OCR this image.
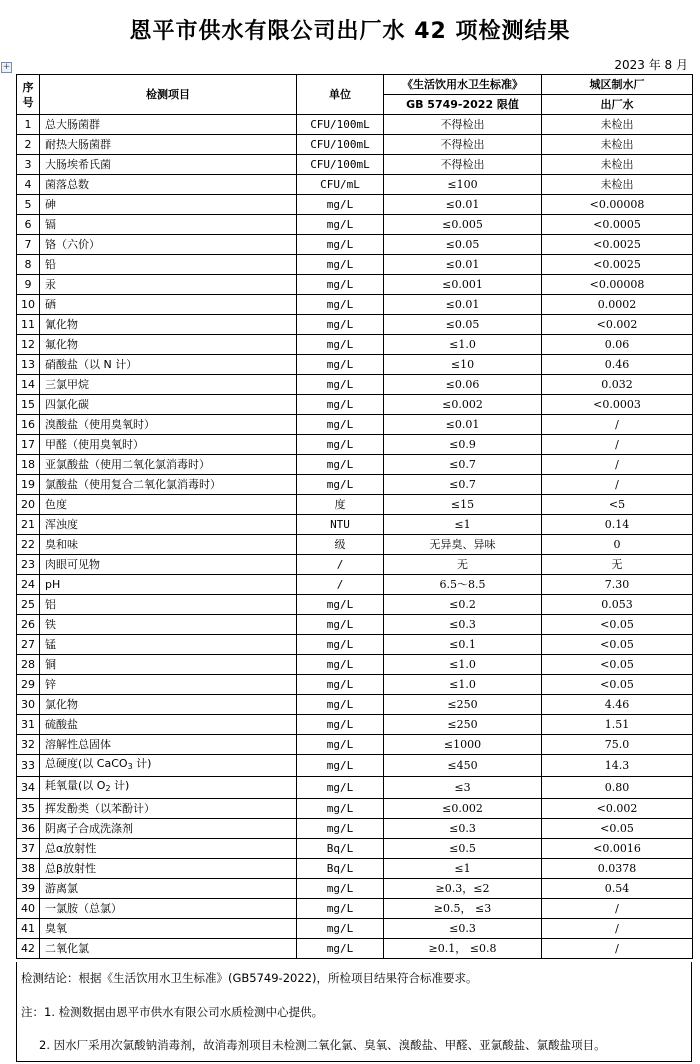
恩平市供水有限公司出厂水 42 项检测结果
2023 年 8 月
+
序号	检测项目	单位	《生活饮用水卫生标准》	城区制水厂
			GB 5749-2022 限值	出厂水
1	总大肠菌群	CFU/100mL	不得检出	未检出
2	耐热大肠菌群	CFU/100mL	不得检出	未检出
3	大肠埃希氏菌	CFU/100mL	不得检出	未检出
4	菌落总数	CFU/mL	≤100	未检出
5	砷	mg/L	≤0.01	<0.00008
6	镉	mg/L	≤0.005	<0.0005
7	铬（六价）	mg/L	≤0.05	<0.0025
8	铅	mg/L	≤0.01	<0.0025
9	汞	mg/L	≤0.001	<0.00008
10	硒	mg/L	≤0.01	0.0002
11	氰化物	mg/L	≤0.05	<0.002
12	氟化物	mg/L	≤1.0	0.06
13	硝酸盐（以 N 计）	mg/L	≤10	0.46
14	三氯甲烷	mg/L	≤0.06	0.032
15	四氯化碳	mg/L	≤0.002	<0.0003
16	溴酸盐（使用臭氧时）	mg/L	≤0.01	/
17	甲醛（使用臭氧时）	mg/L	≤0.9	/
18	亚氯酸盐（使用二氧化氯消毒时）	mg/L	≤0.7	/
19	氯酸盐（使用复合二氧化氯消毒时）	mg/L	≤0.7	/
20	色度	度	≤15	<5
21	浑浊度	NTU	≤1	0.14
22	臭和味	级	无异臭、异味	0
23	肉眼可见物	/	无	无
24	pH	/	6.5～8.5	7.30
25	铝	mg/L	≤0.2	0.053
26	铁	mg/L	≤0.3	<0.05
27	锰	mg/L	≤0.1	<0.05
28	铜	mg/L	≤1.0	<0.05
29	锌	mg/L	≤1.0	<0.05
30	氯化物	mg/L	≤250	4.46
31	硫酸盐	mg/L	≤250	1.51
32	溶解性总固体	mg/L	≤1000	75.0
33	总硬度(以 CaCO$_3$ 计)	mg/L	≤450	14.3
34	耗氧量(以 $O_2$ 计)	mg/L	≤3	0.80
35	挥发酚类（以苯酚计）	mg/L	≤0.002	<0.002
36	阴离子合成洗涤剂	mg/L	≤0.3	<0.05
37	总α放射性	Bq/L	≤0.5	<0.0016
38	总β放射性	Bq/L	≤1	0.0378
39	游离氯	mg/L	≥0.3，≤2	0.54
40	一氯胺（总氯）	mg/L	≥0.5， ≤3	/
41	臭氧	mg/L	≤0.3	/
42	二氧化氯	mg/L	≥0.1， ≤0.8	/

检测结论：根据《生活饮用水卫生标准》(GB5749-2022)，所检项目结果符合标准要求。

注：1. 检测数据由恩平市供水有限公司水质检测中心提供。

2. 因水厂采用次氯酸钠消毒剂，故消毒剂项目未检测二氧化氯、臭氧、溴酸盐、甲醛、亚氯酸盐、氯酸盐项目。
